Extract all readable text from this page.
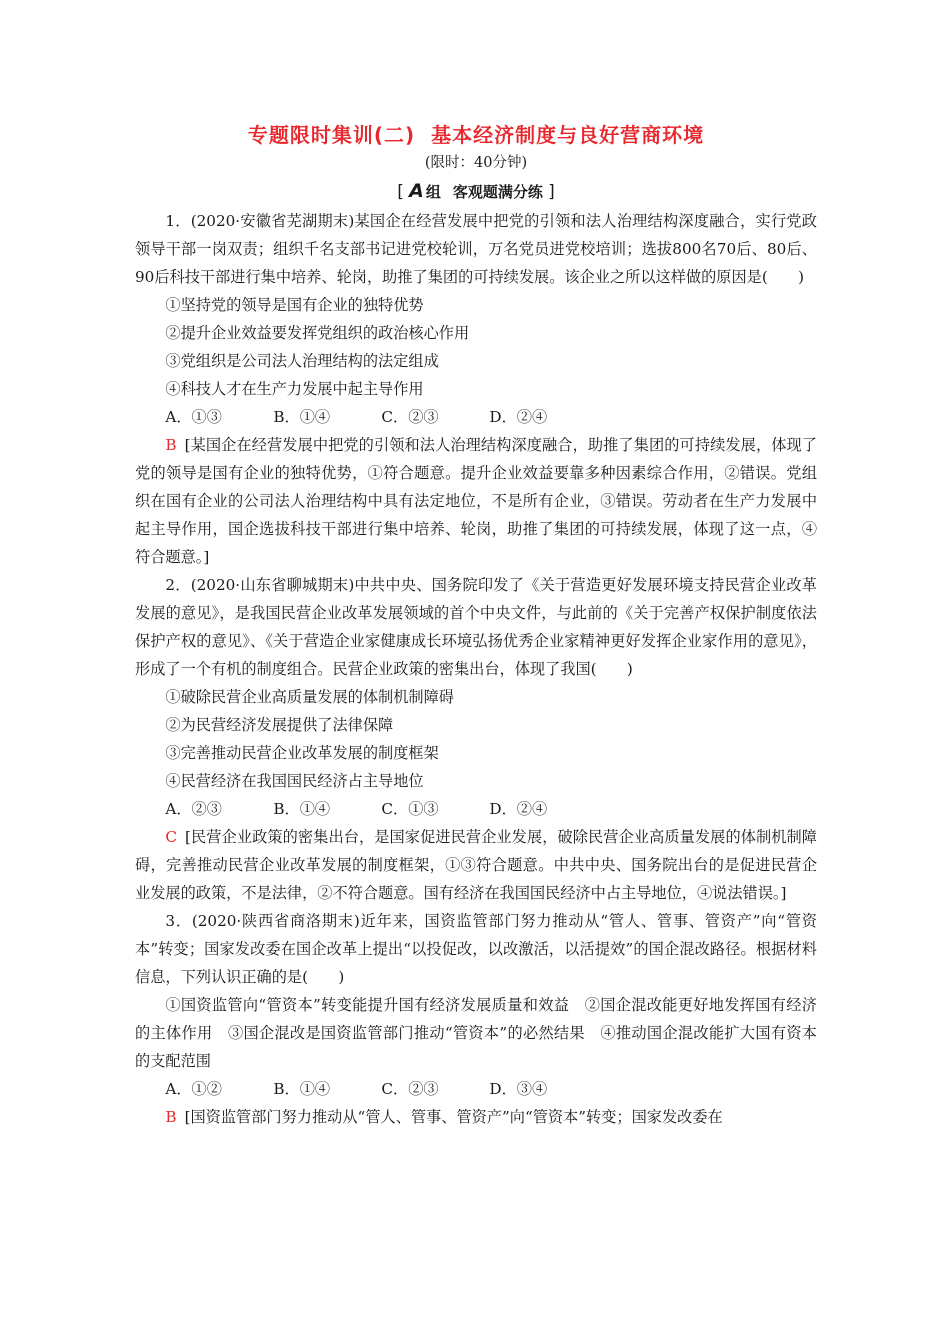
专题限时集训(二) 基本经济制度与良好营商环境
(限时：40分钟)
[ A 组 客观题满分练 ]

1．(2020·安徽省芜湖期末)某国企在经营发展中把党的引领和法人治理结构深度融合，实行党政领导干部一岗双责；组织千名支部书记进党校轮训，万名党员进党校培训；选拔800名70后、80后、90后科技干部进行集中培养、轮岗，助推了集团的可持续发展。该企业之所以这样做的原因是(　　)

①坚持党的领导是国有企业的独特优势

②提升企业效益要发挥党组织的政治核心作用

③党组织是公司法人治理结构的法定组成

④科技人才在生产力发展中起主导作用

A．①③	B．①④	C．②③	D．②④

B [某国企在经营发展中把党的引领和法人治理结构深度融合，助推了集团的可持续发展，体现了党的领导是国有企业的独特优势，①符合题意。提升企业效益要靠多种因素综合作用，②错误。党组织在国有企业的公司法人治理结构中具有法定地位，不是所有企业，③错误。劳动者在生产力发展中起主导作用，国企选拔科技干部进行集中培养、轮岗，助推了集团的可持续发展，体现了这一点，④符合题意。]

2．(2020·山东省聊城期末)中共中央、国务院印发了《关于营造更好发展环境支持民营企业改革发展的意见》，是我国民营企业改革发展领域的首个中央文件，与此前的《关于完善产权保护制度依法保护产权的意见》、《关于营造企业家健康成长环境弘扬优秀企业家精神更好发挥企业家作用的意见》，形成了一个有机的制度组合。民营企业政策的密集出台，体现了我国(　　)

①破除民营企业高质量发展的体制机制障碍

②为民营经济发展提供了法律保障

③完善推动民营企业改革发展的制度框架

④民营经济在我国国民经济占主导地位

A．②③	B．①④	C．①③	D．②④

C [民营企业政策的密集出台，是国家促进民营企业发展，破除民营企业高质量发展的体制机制障碍，完善推动民营企业改革发展的制度框架，①③符合题意。中共中央、国务院出台的是促进民营企业发展的政策，不是法律，②不符合题意。国有经济在我国国民经济中占主导地位，④说法错误。]

3．(2020·陕西省商洛期末)近年来，国资监管部门努力推动从“管人、管事、管资产”向“管资本”转变；国家发改委在国企改革上提出“以投促改，以改激活，以活提效”的国企混改路径。根据材料信息，下列认识正确的是(　　)

①国资监管向“管资本”转变能提升国有经济发展质量和效益　②国企混改能更好地发挥国有经济的主体作用　③国企混改是国资监管部门推动“管资本”的必然结果　④推动国企混改能扩大国有资本的支配范围

A．①②	B．①④	C．②③	D．③④

B [国资监管部门努力推动从“管人、管事、管资产”向“管资本”转变；国家发改委在
